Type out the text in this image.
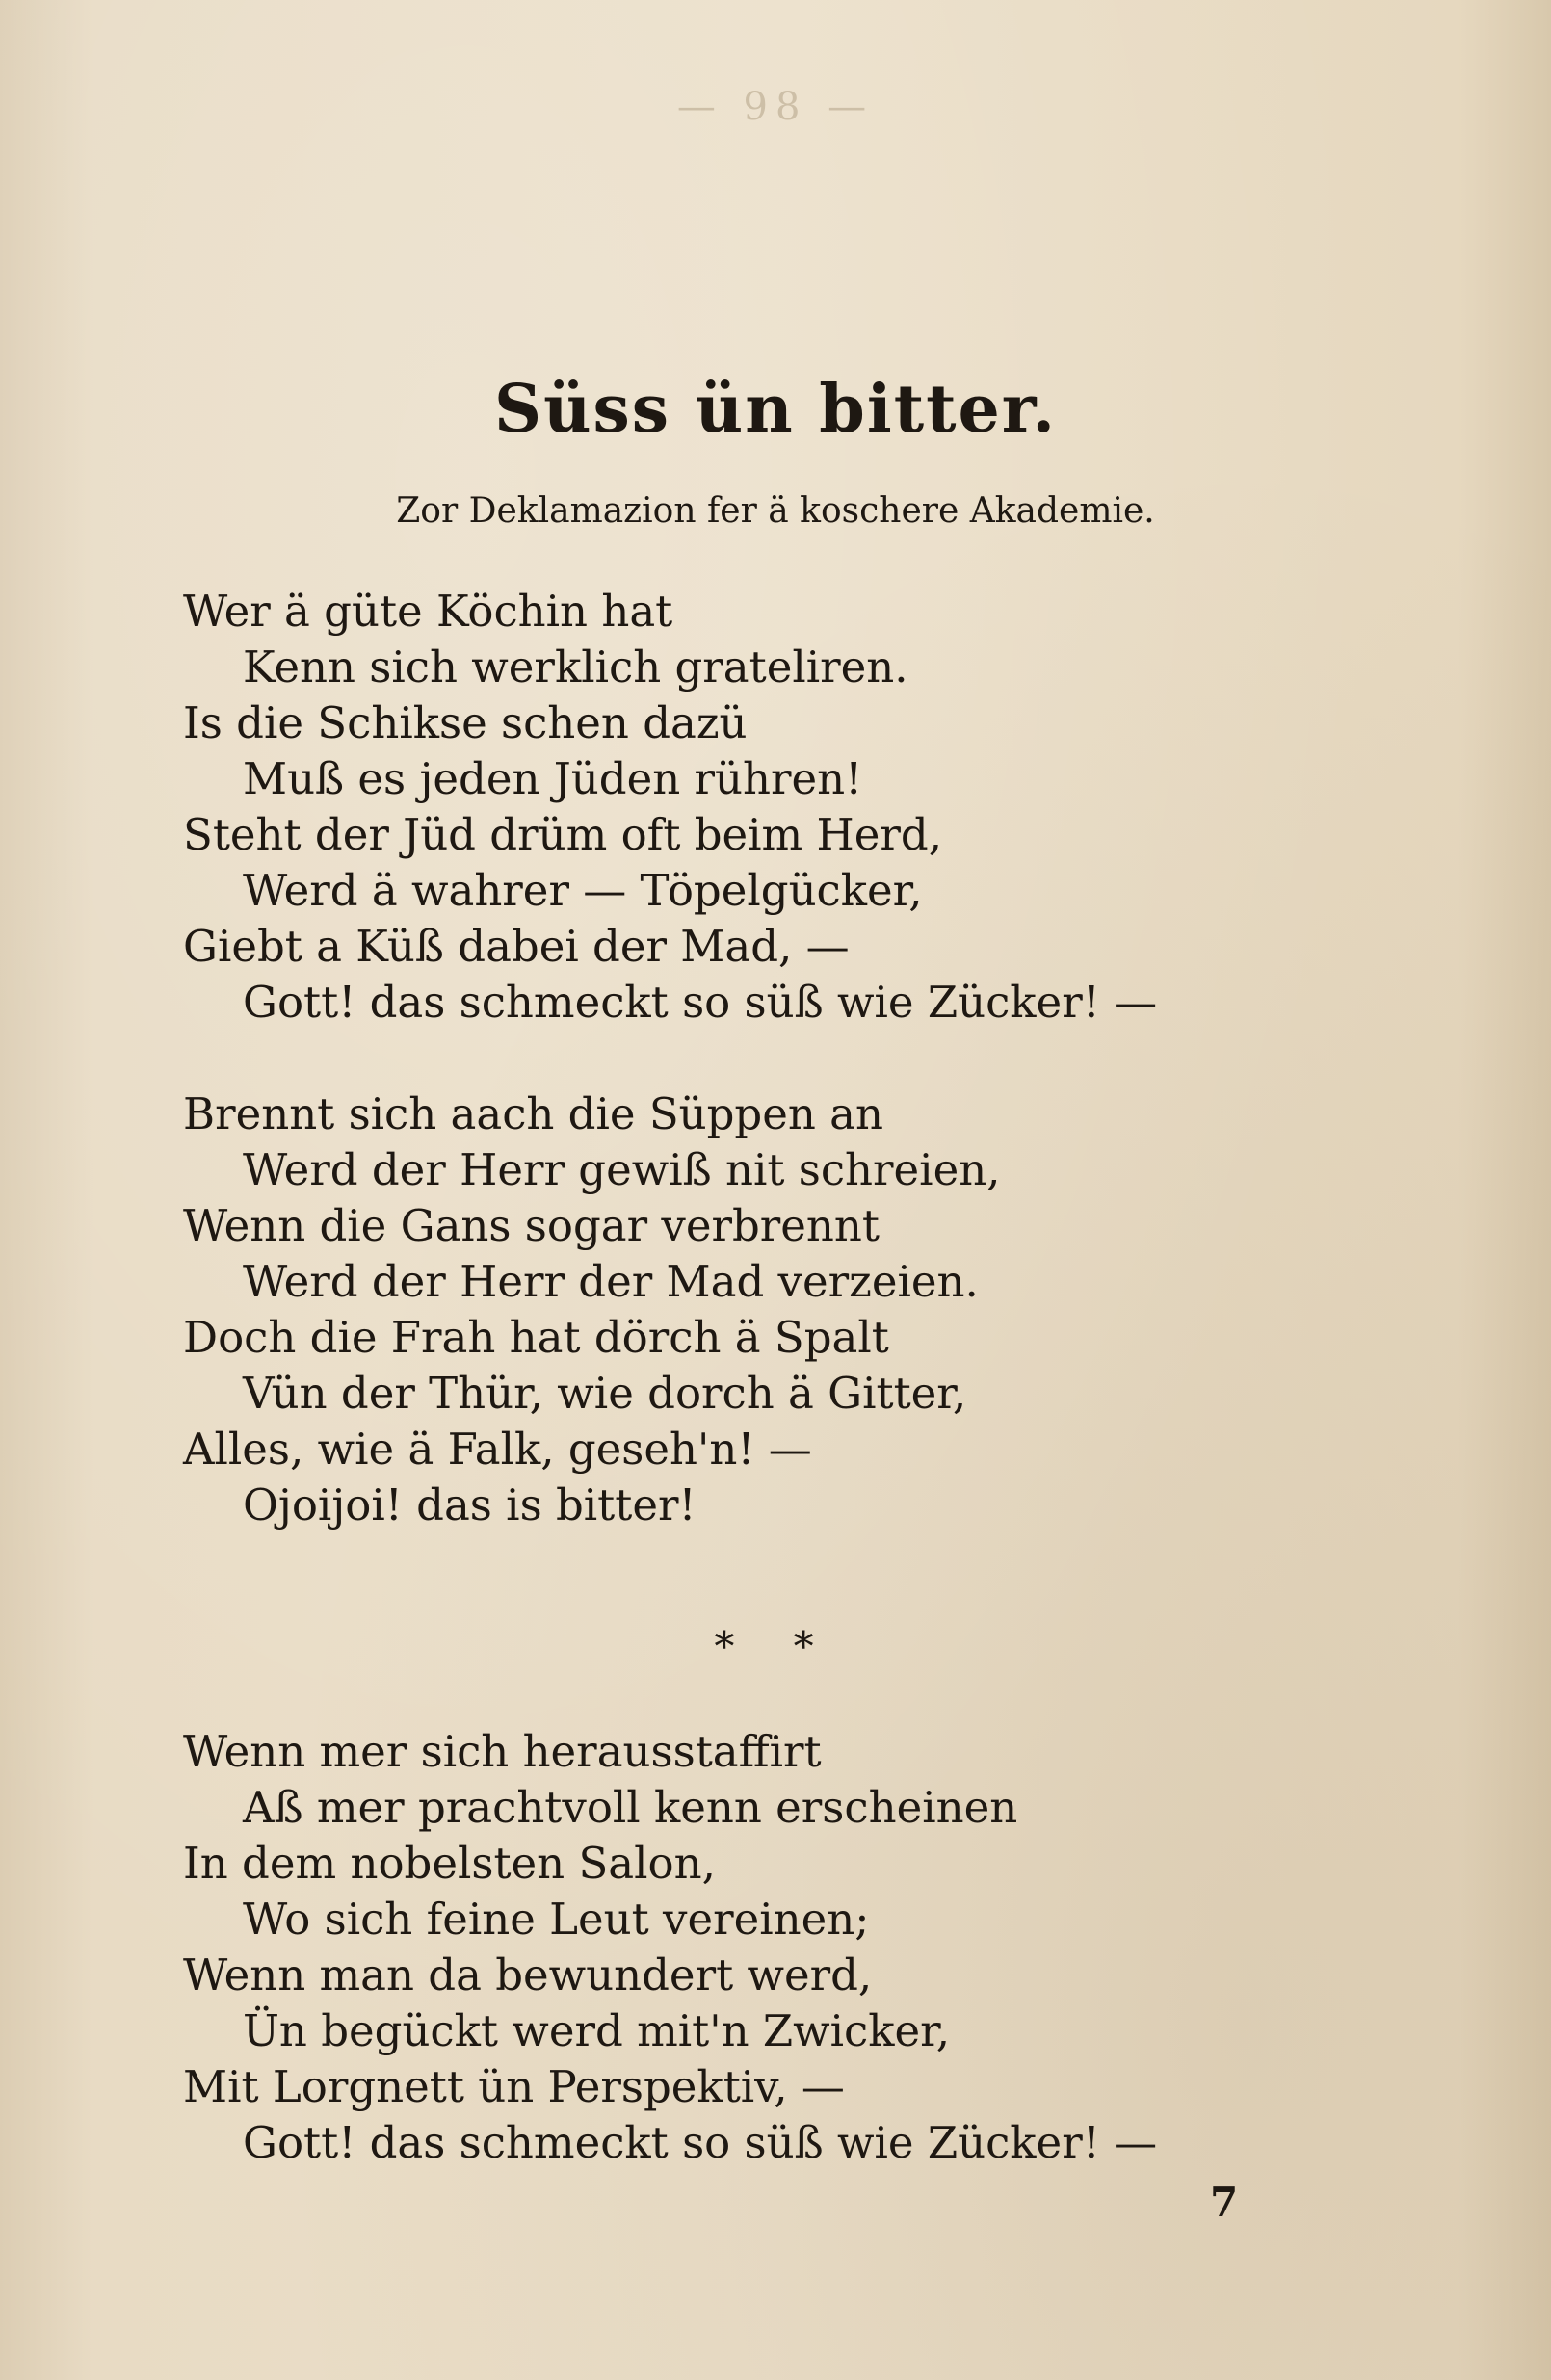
— 98 —
Süss ün bitter.
Zor Deklamazion fer ä koschere Akademie.
Wer ä güte Köchin hat
Kenn sich werklich grateliren.
Is die Schikse schen dazü
Muß es jeden Jüden rühren!
Steht der Jüd drüm oft beim Herd,
Werd ä wahrer — Töpelgücker,
Giebt a Küß dabei der Mad, —
Gott! das schmeckt so süß wie Zücker! —
Brennt sich aach die Süppen an
Werd der Herr gewiß nit schreien,
Wenn die Gans sogar verbrennt
Werd der Herr der Mad verzeien.
Doch die Frah hat dörch ä Spalt
Vün der Thür, wie dorch ä Gitter,
Alles, wie ä Falk, geseh'n! —
Ojoijoi! das is bitter!
* *
Wenn mer sich herausstaffirt
Aß mer prachtvoll kenn erscheinen
In dem nobelsten Salon,
Wo sich feine Leut vereinen;
Wenn man da bewundert werd,
Ün begückt werd mit'n Zwicker,
Mit Lorgnett ün Perspektiv, —
Gott! das schmeckt so süß wie Zücker! —
7
